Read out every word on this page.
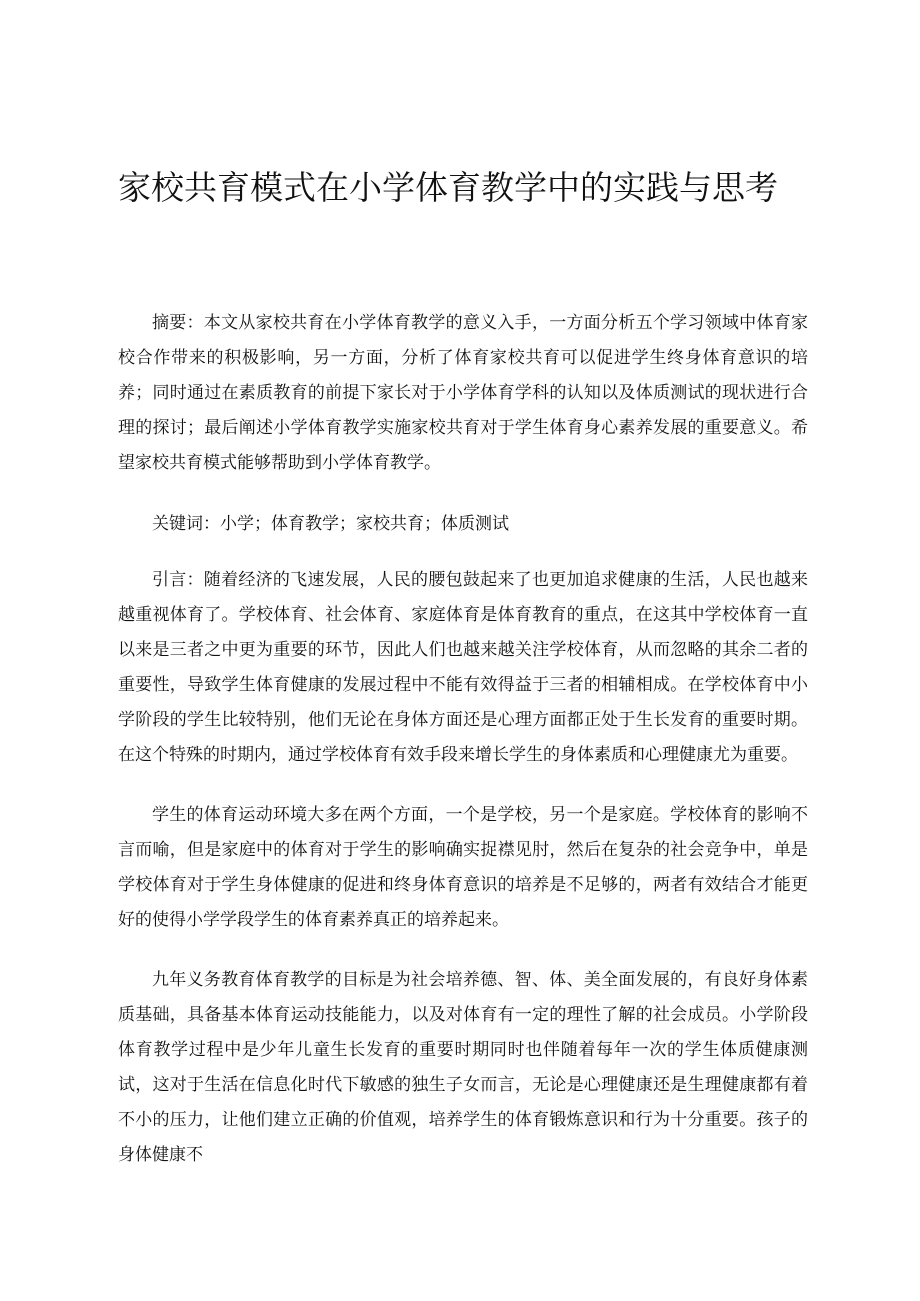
家校共育模式在小学体育教学中的实践与思考

摘要：本文从家校共育在小学体育教学的意义入手，一方面分析五个学习领域中体育家校合作带来的积极影响，另一方面，分析了体育家校共育可以促进学生终身体育意识的培养；同时通过在素质教育的前提下家长对于小学体育学科的认知以及体质测试的现状进行合理的探讨；最后阐述小学体育教学实施家校共育对于学生体育身心素养发展的重要意义。希望家校共育模式能够帮助到小学体育教学。

关键词：小学；体育教学；家校共育；体质测试

引言：随着经济的飞速发展，人民的腰包鼓起来了也更加追求健康的生活，人民也越来越重视体育了。学校体育、社会体育、家庭体育是体育教育的重点，在这其中学校体育一直以来是三者之中更为重要的环节，因此人们也越来越关注学校体育，从而忽略的其余二者的重要性，导致学生体育健康的发展过程中不能有效得益于三者的相辅相成。在学校体育中小学阶段的学生比较特别，他们无论在身体方面还是心理方面都正处于生长发育的重要时期。在这个特殊的时期内，通过学校体育有效手段来增长学生的身体素质和心理健康尤为重要。

学生的体育运动环境大多在两个方面，一个是学校，另一个是家庭。学校体育的影响不言而喻，但是家庭中的体育对于学生的影响确实捉襟见肘，然后在复杂的社会竞争中，单是学校体育对于学生身体健康的促进和终身体育意识的培养是不足够的，两者有效结合才能更好的使得小学学段学生的体育素养真正的培养起来。

九年义务教育体育教学的目标是为社会培养德、智、体、美全面发展的，有良好身体素质基础，具备基本体育运动技能能力，以及对体育有一定的理性了解的社会成员。小学阶段体育教学过程中是少年儿童生长发育的重要时期同时也伴随着每年一次的学生体质健康测试，这对于生活在信息化时代下敏感的独生子女而言，无论是心理健康还是生理健康都有着不小的压力，让他们建立正确的价值观，培养学生的体育锻炼意识和行为十分重要。孩子的身体健康不
